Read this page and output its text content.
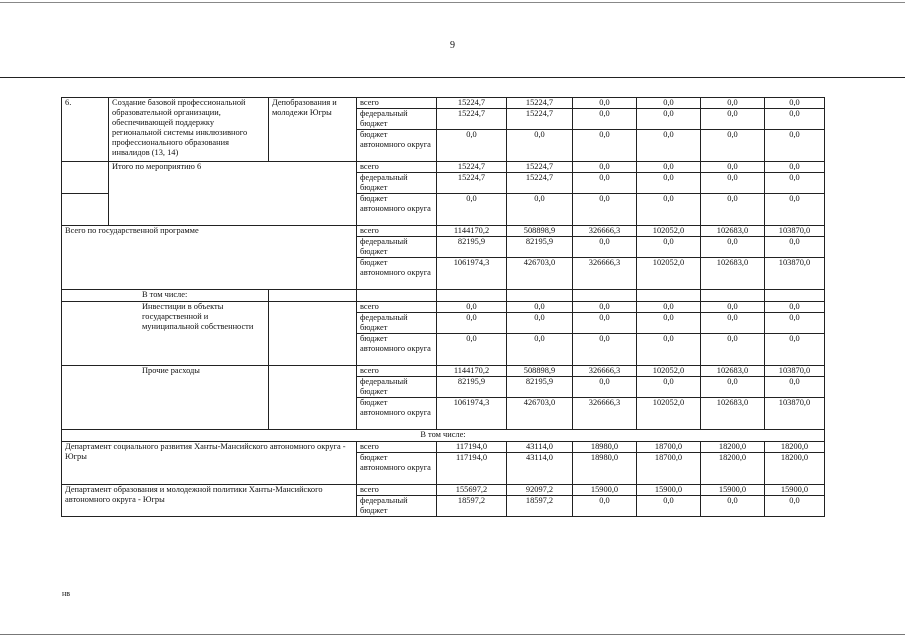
9
6.	Создание базовой профессиональной образовательной организации, обеспечивающей поддержку региональной системы инклюзивного профессионального образования инвалидов (13, 14)	Депобразования и молодежи Югры	всего	15224,7	15224,7	0,0	0,0	0,0	0,0
			федеральный бюджет	15224,7	15224,7	0,0	0,0	0,0	0,0
			бюджет автономного округа	0,0	0,0	0,0	0,0	0,0	0,0
	Итого по мероприятию 6		всего	15224,7	15224,7	0,0	0,0	0,0	0,0
			федеральный бюджет	15224,7	15224,7	0,0	0,0	0,0	0,0
			бюджет автономного округа	0,0	0,0	0,0	0,0	0,0	0,0
Всего по государственной программе			всего	1144170,2	508898,9	326666,3	102052,0	102683,0	103870,0
			федеральный бюджет	82195,9	82195,9	0,0	0,0	0,0	0,0
			бюджет автономного округа	1061974,3	426703,0	326666,3	102052,0	102683,0	103870,0
В том числе:									
Инвестиции в объекты государственной и муниципальной собственности			всего	0,0	0,0	0,0	0,0	0,0	0,0
			федеральный бюджет	0,0	0,0	0,0	0,0	0,0	0,0
			бюджет автономного округа	0,0	0,0	0,0	0,0	0,0	0,0
Прочие расходы			всего	1144170,2	508898,9	326666,3	102052,0	102683,0	103870,0
			федеральный бюджет	82195,9	82195,9	0,0	0,0	0,0	0,0
			бюджет автономного округа	1061974,3	426703,0	326666,3	102052,0	102683,0	103870,0
В том числе:									
Департамент социального развития Ханты-Мансийского автономного округа - Югры			всего	117194,0	43114,0	18980,0	18700,0	18200,0	18200,0
			бюджет автономного округа	117194,0	43114,0	18980,0	18700,0	18200,0	18200,0
Департамент образования и молодежной политики Ханты-Мансийского автономного округа - Югры			всего	155697,2	92097,2	15900,0	15900,0	15900,0	15900,0
			федеральный бюджет	18597,2	18597,2	0,0	0,0	0,0	0,0
нв
